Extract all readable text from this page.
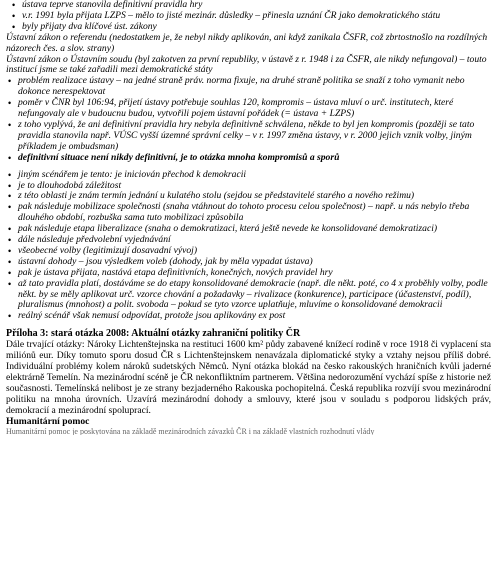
• ústava teprve stanovila definitivní pravidla hry
• v.r. 1991 byla přijata LZPS – mělo to jisté mezinár. důsledky – přinesla uznání ČR jako demokratického státu
• byly přijaty dva klíčové úst. zákony
Ústavní zákon o referendu (nedostatkem je, že nebyl nikdy aplikován, ani když zanikala ČSFR, což zbrtostnošlo na rozdílných názorech čes. a slov. strany)
Ústavní zákon o Ústavním soudu (byl zakotven za první republiky, v ústavě z r. 1948 i za ČSFR, ale nikdy nefungoval) – touto institucí jsme se také zařadili mezi demokratické státy
• problém realizace ústavy – na jedné straně práv. norma fixuje, na druhé straně politika se snaží z toho vymanit nebo dokonce nerespektovat
• poměr v ČNR byl 106:94, přijetí ústavy potřebuje souhlas 120, kompromis – ústava mluví o urč. institutech, které nefungovaly ale v budoucnu budou, vytvořili pojem ústavní pořádek (= ústava + LZPS)
• z toho vyplývá, že ani definitivní pravidla hry nebyla definitivně schválena, někde to byl jen kompromis (později se tato pravidla stanovila např. VÚSC vyšší územné správní celky – v r. 1997 změna ústavy, v r. 2000 jejich vznik volby, jiným příkladem je ombudsman)
• definitivní situace není nikdy definitivní, je to otázka mnoha kompromisů a sporů
• jiným scénářem je tento: je iniciován přechod k demokracii
• je to dlouhodobá záležitost
• z této oblasti je znám termín jednání u kulatého stolu (sejdou se představitelé starého a nového režimu)
• pak následuje mobilizace společnosti (snaha vtáhnout do tohoto procesu celou společnost) – např. u nás nebylo třeba dlouhého období, rozbuška sama tuto mobilizaci způsobila
• pak následuje etapa liberalizace (snaha o demokratizaci, která ještě nevede ke konsolidované demokratizaci)
• dále následuje předvolební vyjednávání
• všeobecné volby (legitimizují dosavadní vývoj)
• ústavní dohody – jsou výsledkem voleb (dohody, jak by měla vypadat ústava)
• pak je ústava přijata, nastává etapa definitivních, konečných, nových pravidel hry
• až tato pravidla platí, dostáváme se do etapy konsolidované demokracie (např. dle někt. poté, co 4 x proběhly volby, podle někt. by se měly aplikovat urč. vzorce chování a požadavky – rivalizace (konkurence), participace (účastenství, podíl), pluralismus (mnohost) a polit. svoboda – pokud se tyto vzorce uplatňuje, mluvíme o konsolidované demokracii
• reálný scénář však nemusí odpovídat, protože jsou aplikovány ex post
Příloha 3: stará otázka 2008: Aktuální otázky zahraniční politiky ČR
Dále trvající otázky: Nároky Lichtenštejnska na restituci 1600 km² půdy zabavené knížecí rodině v roce 1918 či vyplacení sta miliónů eur. Díky tomuto sporu dosud ČR s Lichtenštejnskem nenavázala diplomatické styky a vztahy nejsou příliš dobré. Individuální problémy kolem nároků sudetských Němců. Nyní otázka blokád na česko rakouských hraničních kvůli jaderné elektrárně Temelín. Na mezinárodní scéně je ČR nekonfliktním partnerem. Většina nedorozumění vychází spíše z historie než současnosti. Temelínská nelibost je ze strany bezjaderného Rakouska pochopitelná. Česká republika rozvíjí svou mezinárodní politiku na mnoha úrovních. Uzavírá mezinárodní dohody a smlouvy, které jsou v souladu s podporou lidských práv, demokracií a mezinárodní spoluprací.
Humanitární pomoc
Humanitární pomoc je poskytována na základě mezinárodních závazků ČR i na základě vlastních rozhodnutí vlády
